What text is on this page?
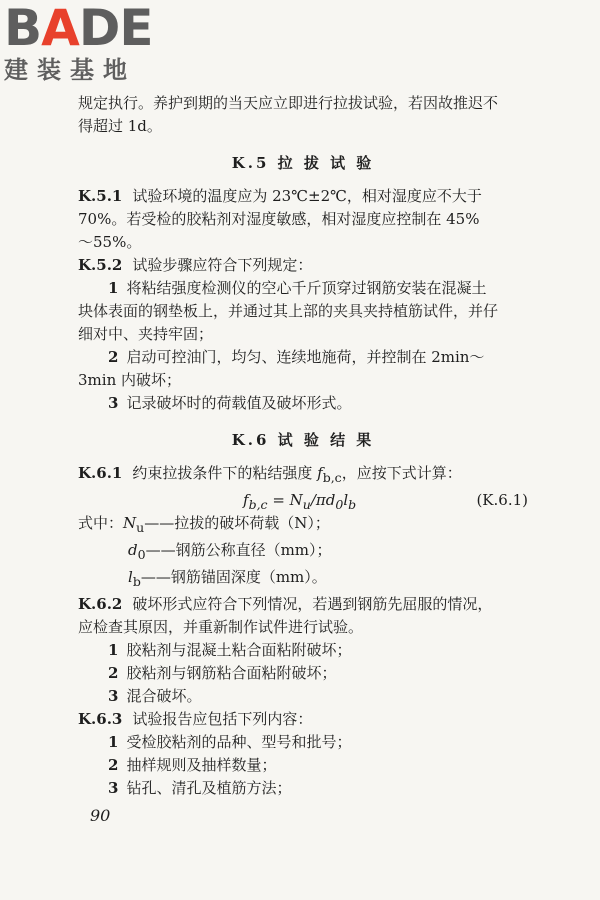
BADE
建装基地

规定执行。养护到期的当天应立即进行拉拔试验，若因故推迟不
得超过 1d。

K.5 拉 拔 试 验

K.5.1 试验环境的温度应为 23℃±2℃，相对湿度应不大于
70%。若受检的胶粘剂对湿度敏感，相对湿度应控制在 45%
～55%。

K.5.2 试验步骤应符合下列规定：

1 将粘结强度检测仪的空心千斤顶穿过钢筋安装在混凝土
块体表面的钢垫板上，并通过其上部的夹具夹持植筋试件，并仔
细对中、夹持牢固；

2 启动可控油门，均匀、连续地施荷，并控制在 2min～
3min 内破坏；

3 记录破坏时的荷载值及破坏形式。

K.6 试 验 结 果

K.6.1 约束拉拔条件下的粘结强度 $f_{b,c}$，应按下式计算：

$f_{b,c} = N_u/\pi d_0l_b$	(K.6.1)

式中：$N_u——$拉拔的破坏荷载（N）；
$d_0——$钢筋公称直径（mm）；
$l_b——$钢筋锚固深度（mm）。

K.6.2 破坏形式应符合下列情况，若遇到钢筋先屈服的情况，
应检查其原因，并重新制作试件进行试验。

1 胶粘剂与混凝土粘合面粘附破坏；

2 胶粘剂与钢筋粘合面粘附破坏；

3 混合破坏。

K.6.3 试验报告应包括下列内容：

1 受检胶粘剂的品种、型号和批号；

2 抽样规则及抽样数量；

3 钻孔、清孔及植筋方法；

90
